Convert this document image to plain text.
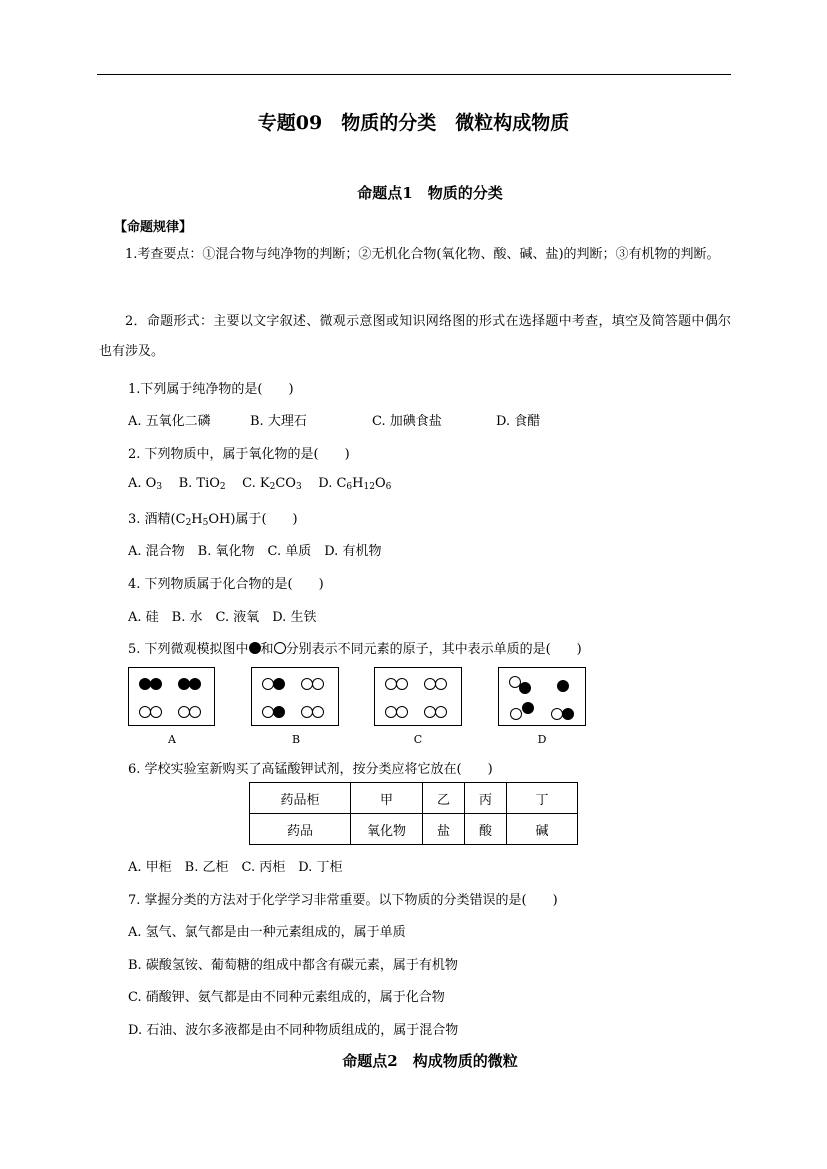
专题09　物质的分类　微粒构成物质
命题点1　物质的分类
【命题规律】
1.考查要点：①混合物与纯净物的判断；②无机化合物(氧化物、酸、碱、盐)的判断；③有机物的判断。
2．命题形式：主要以文字叙述、微观示意图或知识网络图的形式在选择题中考查，填空及简答题中偶尔也有涉及。
1.下列属于纯净物的是(　　)
A. 五氧化二磷	B. 大理石	C. 加碘食盐	D. 食醋
2. 下列物质中，属于氧化物的是(　　)
A. $O_3$ B. TiO$_2$ C. $K_2CO_3$ D. $C_6H_{12}O_6$
3. 酒精$(C_2H_5OH)$属于(　　)
A. 混合物　B. 氧化物　C. 单质　D. 有机物
4. 下列物质属于化合物的是(　　)
A. 硅　B. 水　C. 液氧　D. 生铁
5. 下列微观模拟图中 和 分别表示不同元素的原子，其中表示单质的是(　　)
A	B	C	D
6. 学校实验室新购买了高锰酸钾试剂，按分类应将它放在(　　)
药品柜	甲	乙	丙	丁
药品	氧化物	盐	酸	碱
A. 甲柜　B. 乙柜　C. 丙柜　D. 丁柜
7. 掌握分类的方法对于化学学习非常重要。以下物质的分类错误的是(　　)
A. 氢气、氯气都是由一种元素组成的，属于单质
B. 碳酸氢铵、葡萄糖的组成中都含有碳元素，属于有机物
C. 硝酸钾、氨气都是由不同种元素组成的，属于化合物
D. 石油、波尔多液都是由不同种物质组成的，属于混合物
命题点2　构成物质的微粒
